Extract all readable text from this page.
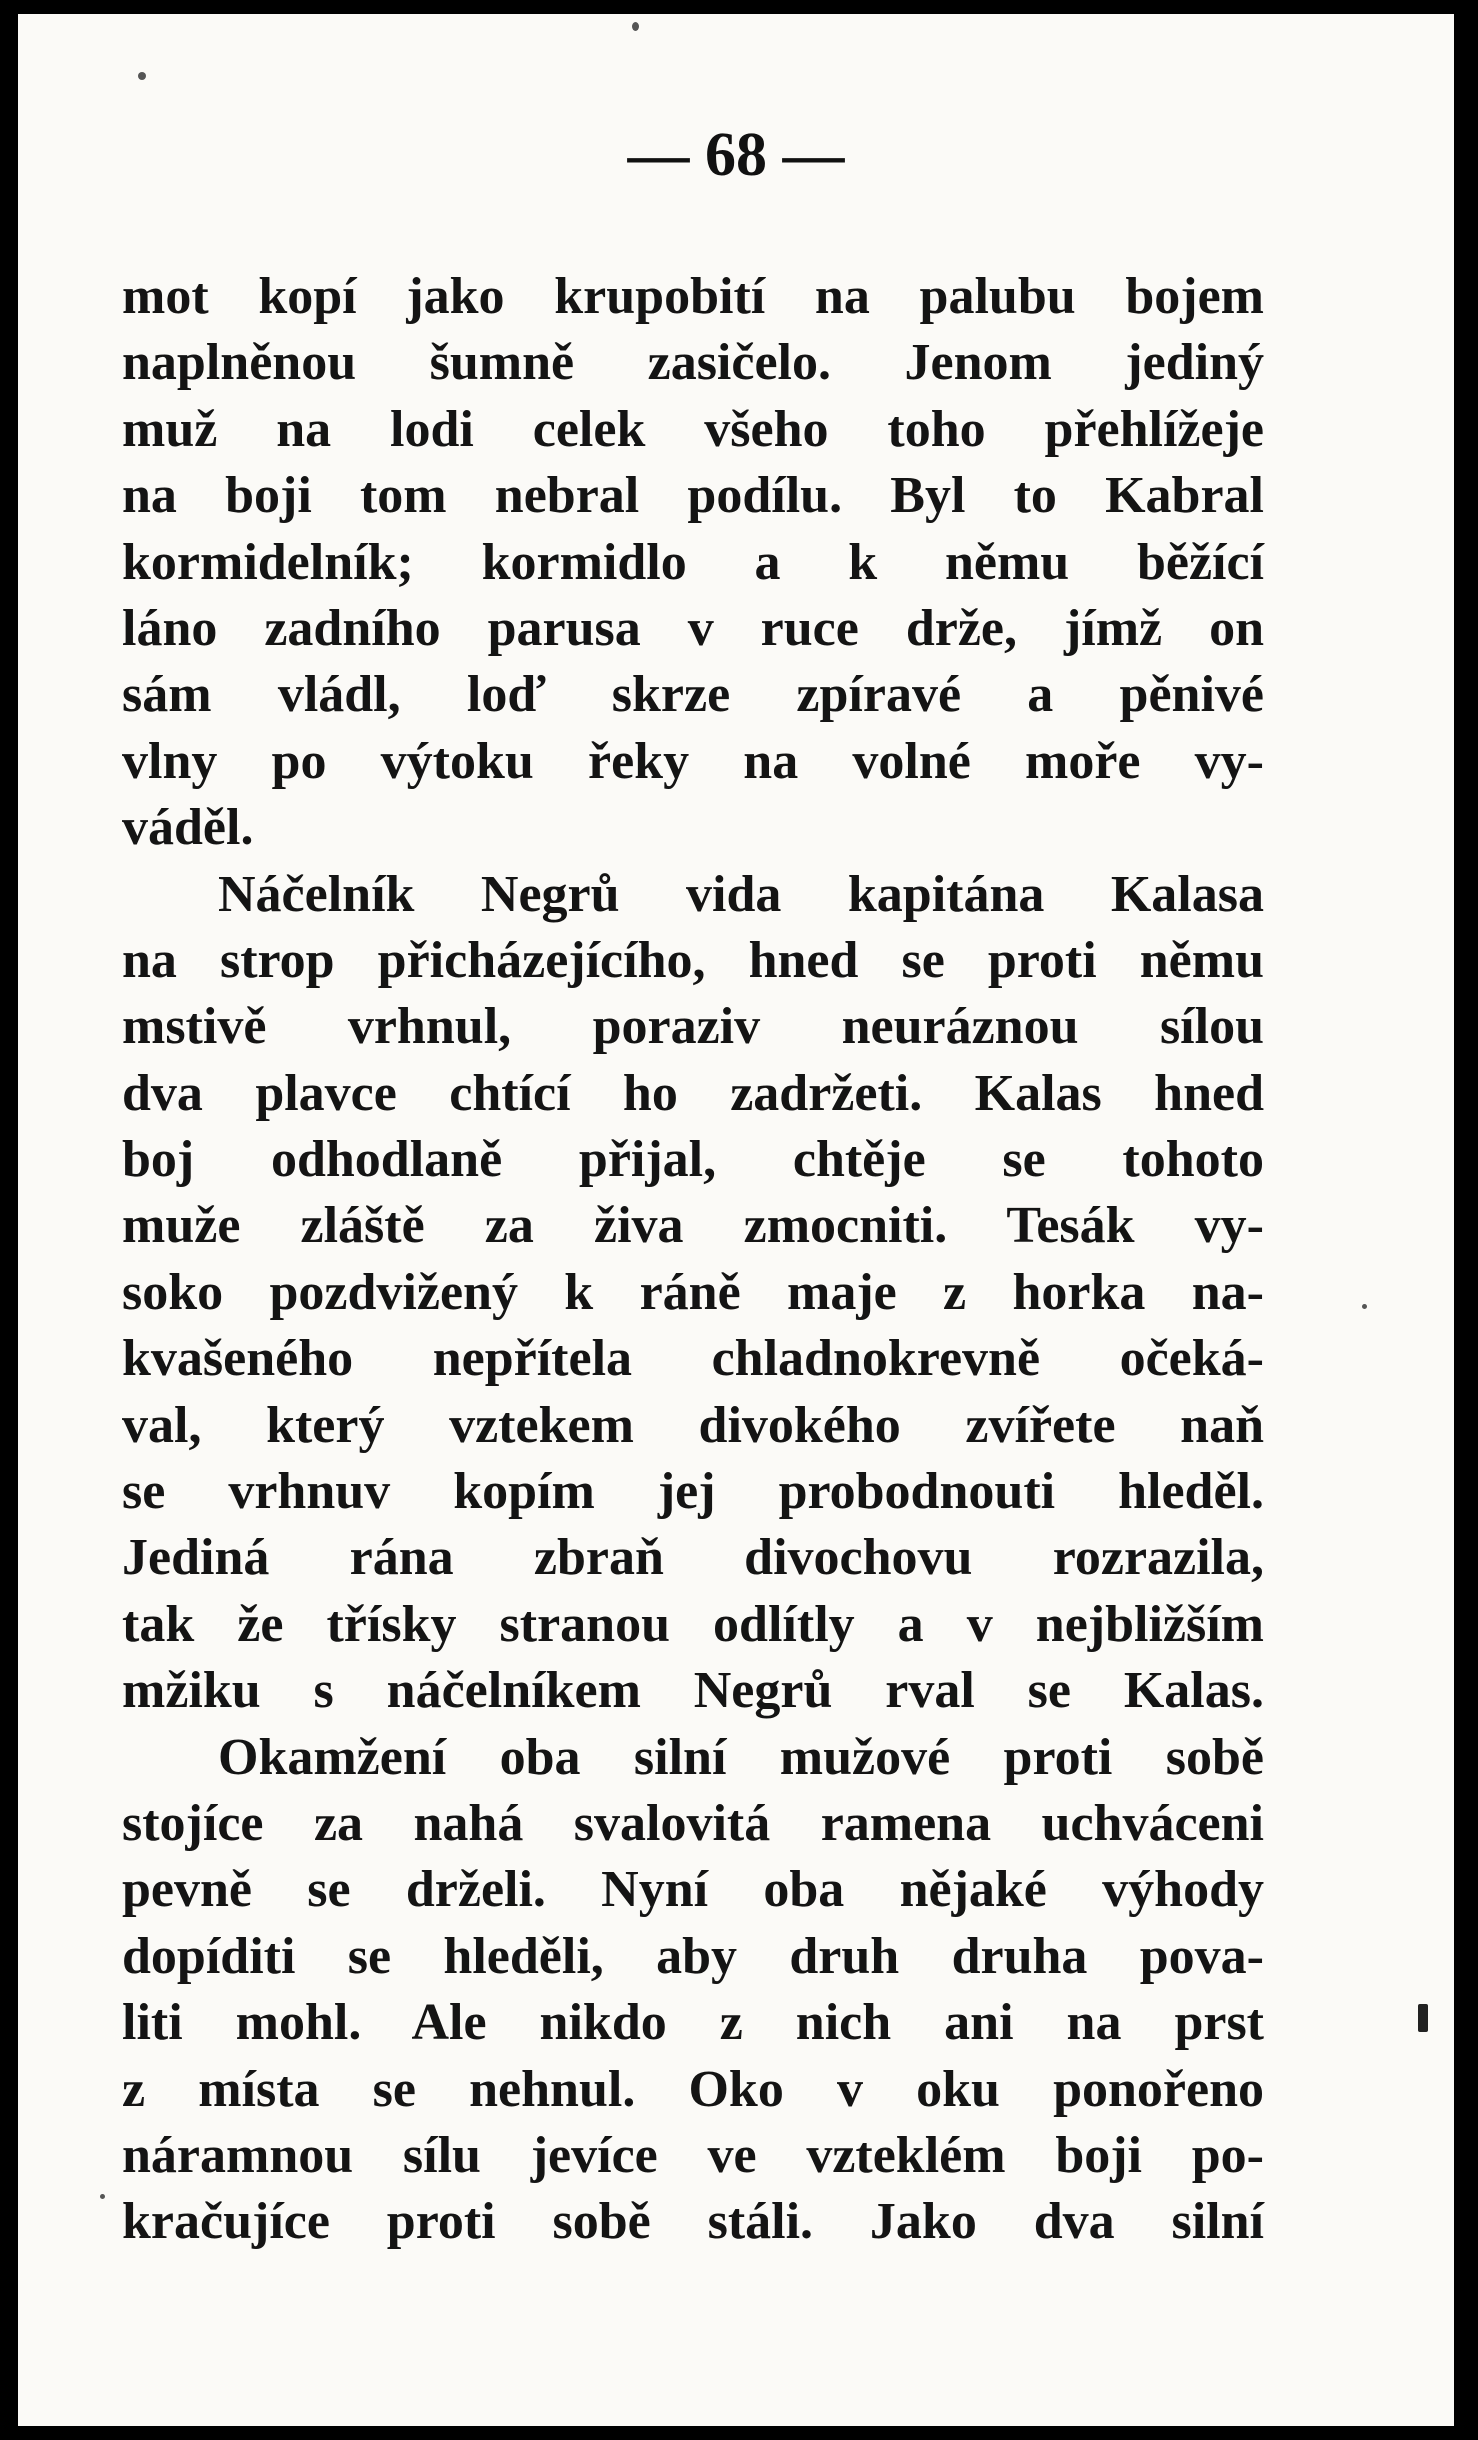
— 68 —
mot kopí jako krupobití na palubu bojem
naplněnou šumně zasičelo. Jenom jediný
muž na lodi celek všeho toho přehlížeje
na boji tom nebral podílu. Byl to Kabral
kormidelník; kormidlo a k němu běžící
láno zadního parusa v ruce drže, jímž on
sám vládl, loď skrze zpíravé a pěnivé
vlny po výtoku řeky na volné moře vy-
váděl.
Náčelník Negrů vida kapitána Kalasa
na strop přicházejícího, hned se proti němu
mstivě vrhnul, poraziv neuráznou sílou
dva plavce chtící ho zadržeti. Kalas hned
boj odhodlaně přijal, chtěje se tohoto
muže zláště za živa zmocniti. Tesák vy-
soko pozdvižený k ráně maje z horka na-
kvašeného nepřítela chladnokrevně očeká-
val, který vztekem divokého zvířete naň
se vrhnuv kopím jej probodnouti hleděl.
Jediná rána zbraň divochovu rozrazila,
tak že třísky stranou odlítly a v nejbližším
mžiku s náčelníkem Negrů rval se Kalas.
Okamžení oba silní mužové proti sobě
stojíce za nahá svalovitá ramena uchváceni
pevně se drželi. Nyní oba nějaké výhody
dopíditi se hleděli, aby druh druha pova-
liti mohl. Ale nikdo z nich ani na prst
z místa se nehnul. Oko v oku ponořeno
náramnou sílu jevíce ve vzteklém boji po-
kračujíce proti sobě stáli. Jako dva silní
